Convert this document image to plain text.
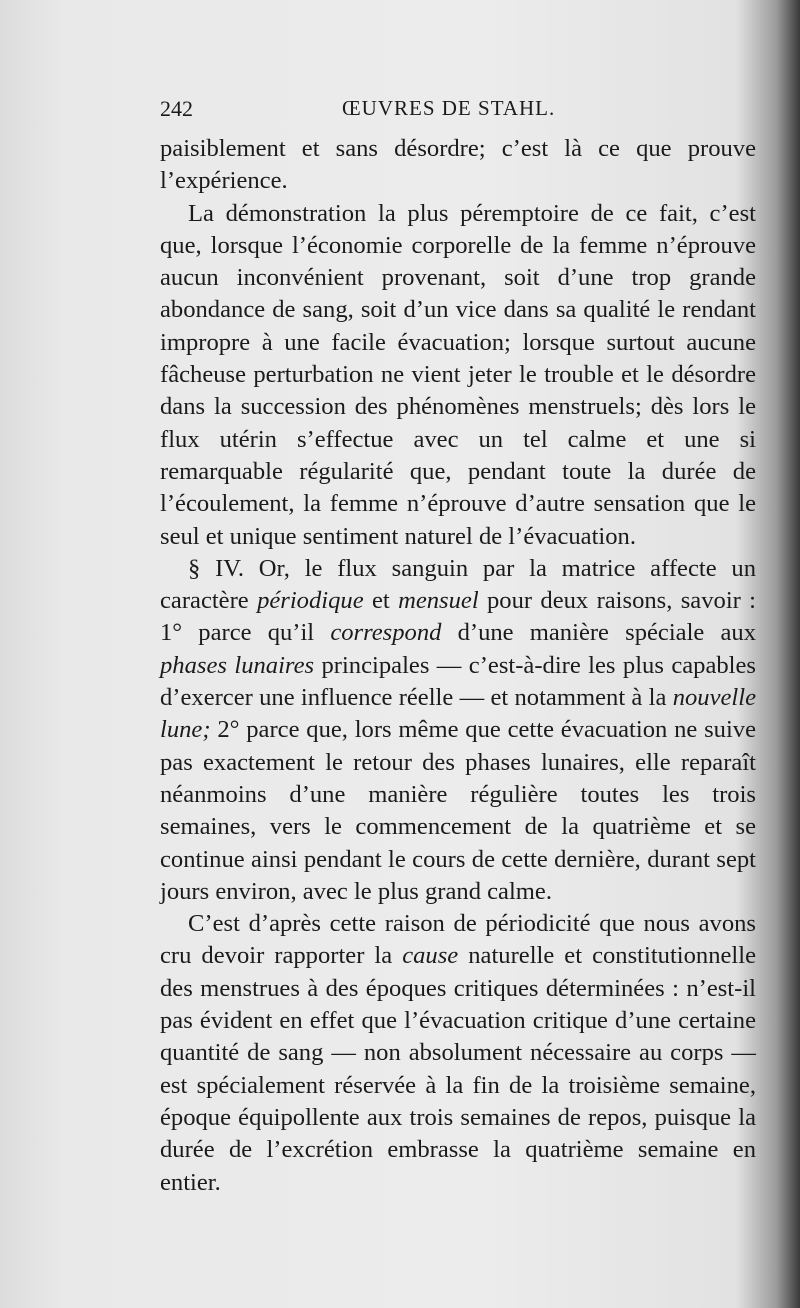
242	ŒUVRES DE STAHL.

paisiblement et sans désordre; c’est là ce que prouve l’expérience.

La démonstration la plus péremptoire de ce fait, c’est que, lorsque l’économie corporelle de la femme n’éprouve aucun inconvénient provenant, soit d’une trop grande abondance de sang, soit d’un vice dans sa qualité le rendant impropre à une facile évacuation; lorsque surtout aucune fâcheuse perturbation ne vient jeter le trouble et le désordre dans la succession des phénomènes menstruels; dès lors le flux utérin s’effectue avec un tel calme et une si remarquable régularité que, pendant toute la durée de l’écoulement, la femme n’éprouve d’autre sensation que le seul et unique sentiment naturel de l’évacuation.

§ IV. Or, le flux sanguin par la matrice affecte un caractère périodique et mensuel pour deux raisons, savoir : 1° parce qu’il correspond d’une manière spéciale aux phases lunaires principales — c’est-à-dire les plus capables d’exercer une influence réelle — et notamment à la nouvelle lune; 2° parce que, lors même que cette évacuation ne suive pas exactement le retour des phases lunaires, elle reparaît néanmoins d’une manière régulière toutes les trois semaines, vers le commencement de la quatrième et se continue ainsi pendant le cours de cette dernière, durant sept jours environ, avec le plus grand calme.

C’est d’après cette raison de périodicité que nous avons cru devoir rapporter la cause naturelle et constitutionnelle des menstrues à des époques critiques déterminées : n’est-il pas évident en effet que l’évacuation critique d’une certaine quantité de sang — non absolument nécessaire au corps — est spécialement réservée à la fin de la troisième semaine, époque équipollente aux trois semaines de repos, puisque la durée de l’excrétion embrasse la quatrième semaine en entier.
